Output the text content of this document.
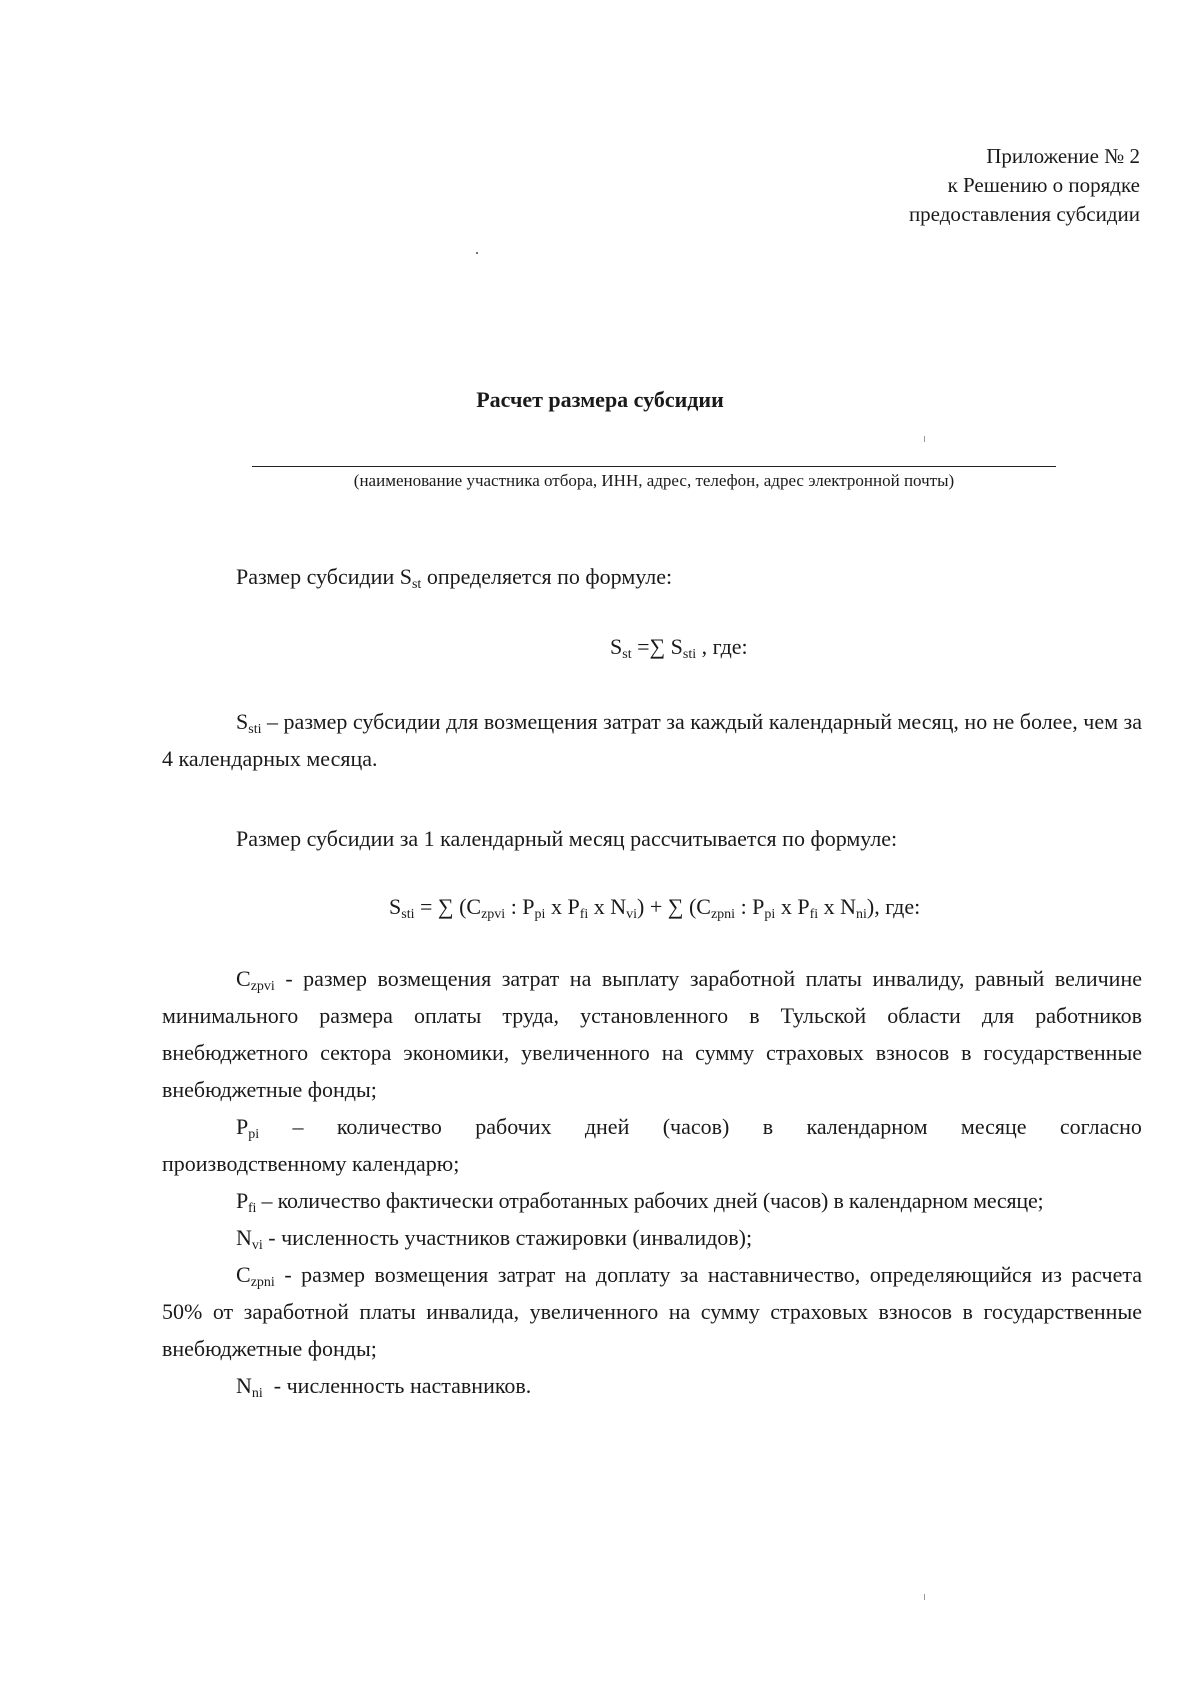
Приложение № 2
к Решению о порядке
предоставления субсидии
Расчет размера субсидии
(наименование участника отбора, ИНН, адрес, телефон, адрес электронной почты)
Размер субсидии $S_{st}$ определяется по формуле:
$S_{st}$ =∑ $S_{sti}$ , где:
$S_{sti}$ – размер субсидии для возмещения затрат за каждый календарный месяц, но не более, чем за 4 календарных месяца.
Размер субсидии за 1 календарный месяц рассчитывается по формуле:
$S_{sti}$ = ∑ ($C_{zpvi}$ : $P_{pi}$ x $P_{fi}$ x $N_{vi}$) + ∑ ($C_{zpni}$ : $P_{pi}$ x $P_{fi}$ x $N_{ni}$), где:
$C_{zpvi}$ - размер возмещения затрат на выплату заработной платы инвалиду, равный величине минимального размера оплаты труда, установленного в Тульской области для работников внебюджетного сектора экономики, увеличенного на сумму страховых взносов в государственные внебюджетные фонды;
$P_{pi}$ – количество рабочих дней (часов) в календарном месяце согласно
производственному календарю;
$P_{fi}$ – количество фактически отработанных рабочих дней (часов) в календарном месяце;
$N_{vi}$ - численность участников стажировки (инвалидов);
$C_{zpni}$ - размер возмещения затрат на доплату за наставничество, определяющийся из расчета 50% от заработной платы инвалида, увеличенного на сумму страховых взносов в государственные внебюджетные фонды;
$N_{ni}$  - численность наставников.
